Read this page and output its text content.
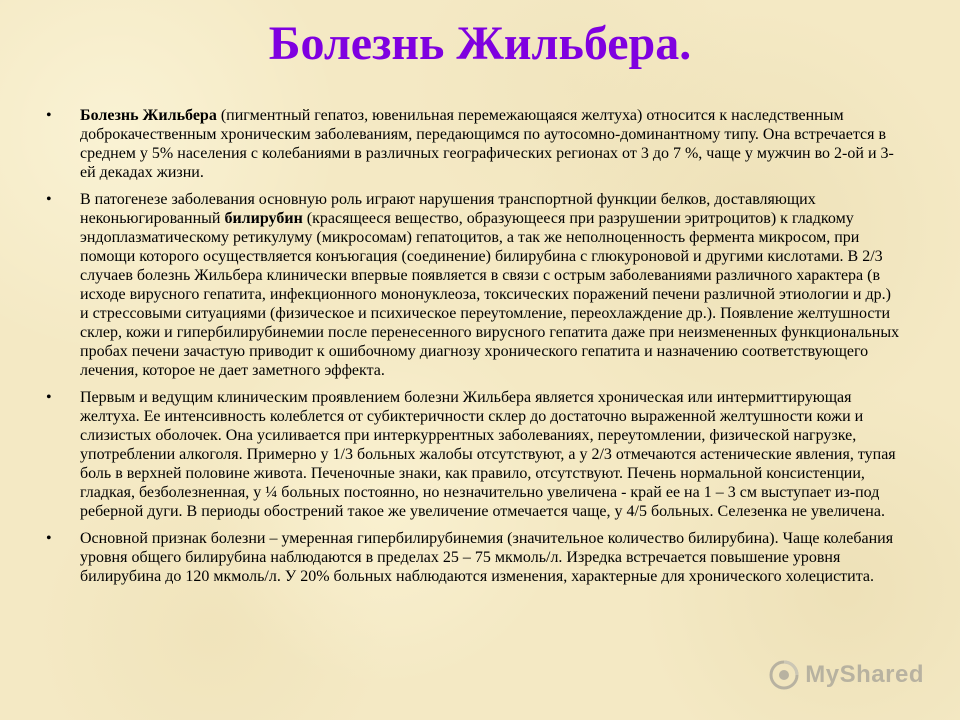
Болезнь Жильбера.
• Болезнь Жильбера (пигментный гепатоз, ювенильная перемежающаяся желтуха) относится к наследственным доброкачественным хроническим заболеваниям, передающимся по аутосомно-доминантному типу. Она встречается в среднем у 5% населения с колебаниями в различных географических регионах от 3 до 7 %, чаще у мужчин во 2-ой и 3-ей декадах жизни.
• В патогенезе заболевания основную роль играют нарушения транспортной функции белков, доставляющих неконьюгированный билирубин (красящееся вещество, образующееся при разрушении эритроцитов) к гладкому эндоплазматическому ретикулуму (микросомам) гепатоцитов, а так же неполноценность фермента микросом, при помощи которого осуществляется конъюгация (соединение) билирубина с глюкуроновой и другими кислотами. В 2/3 случаев болезнь Жильбера клинически впервые появляется в связи с острым заболеваниями различного характера (в исходе вирусного гепатита, инфекционного мононуклеоза, токсических поражений печени различной этиологии и др.) и стрессовыми ситуациями (физическое и психическое переутомление, переохлаждение др.). Появление желтушности склер, кожи и гипербилирубинемии после перенесенного вирусного гепатита даже при неизмененных функциональных пробах печени зачастую приводит к ошибочному диагнозу хронического гепатита и назначению соответствующего лечения, которое не дает заметного эффекта.
• Первым и ведущим клиническим проявлением болезни Жильбера является хроническая или интермиттирующая желтуха. Ее интенсивность колеблется от субиктеричности склер до достаточно выраженной желтушности кожи и слизистых оболочек. Она усиливается при интеркуррентных заболеваниях, переутомлении, физической нагрузке, употреблении алкоголя. Примерно у 1/3 больных жалобы отсутствуют, а у 2/3 отмечаются астенические явления, тупая боль в верхней половине живота. Печеночные знаки, как правило, отсутствуют. Печень нормальной консистенции, гладкая, безболезненная, у ¼ больных постоянно, но незначительно увеличена - край ее на 1 – 3 см выступает из-под реберной дуги. В периоды обострений такое же увеличение отмечается чаще, у 4/5 больных. Селезенка не увеличена.
• Основной признак болезни – умеренная гипербилирубинемия (значительное количество билирубина). Чаще колебания уровня общего билирубина наблюдаются в пределах 25 – 75 мкмоль/л. Изредка встречается повышение уровня билирубина до 120 мкмоль/л. У 20% больных наблюдаются изменения, характерные для хронического холецистита.
MyShared
